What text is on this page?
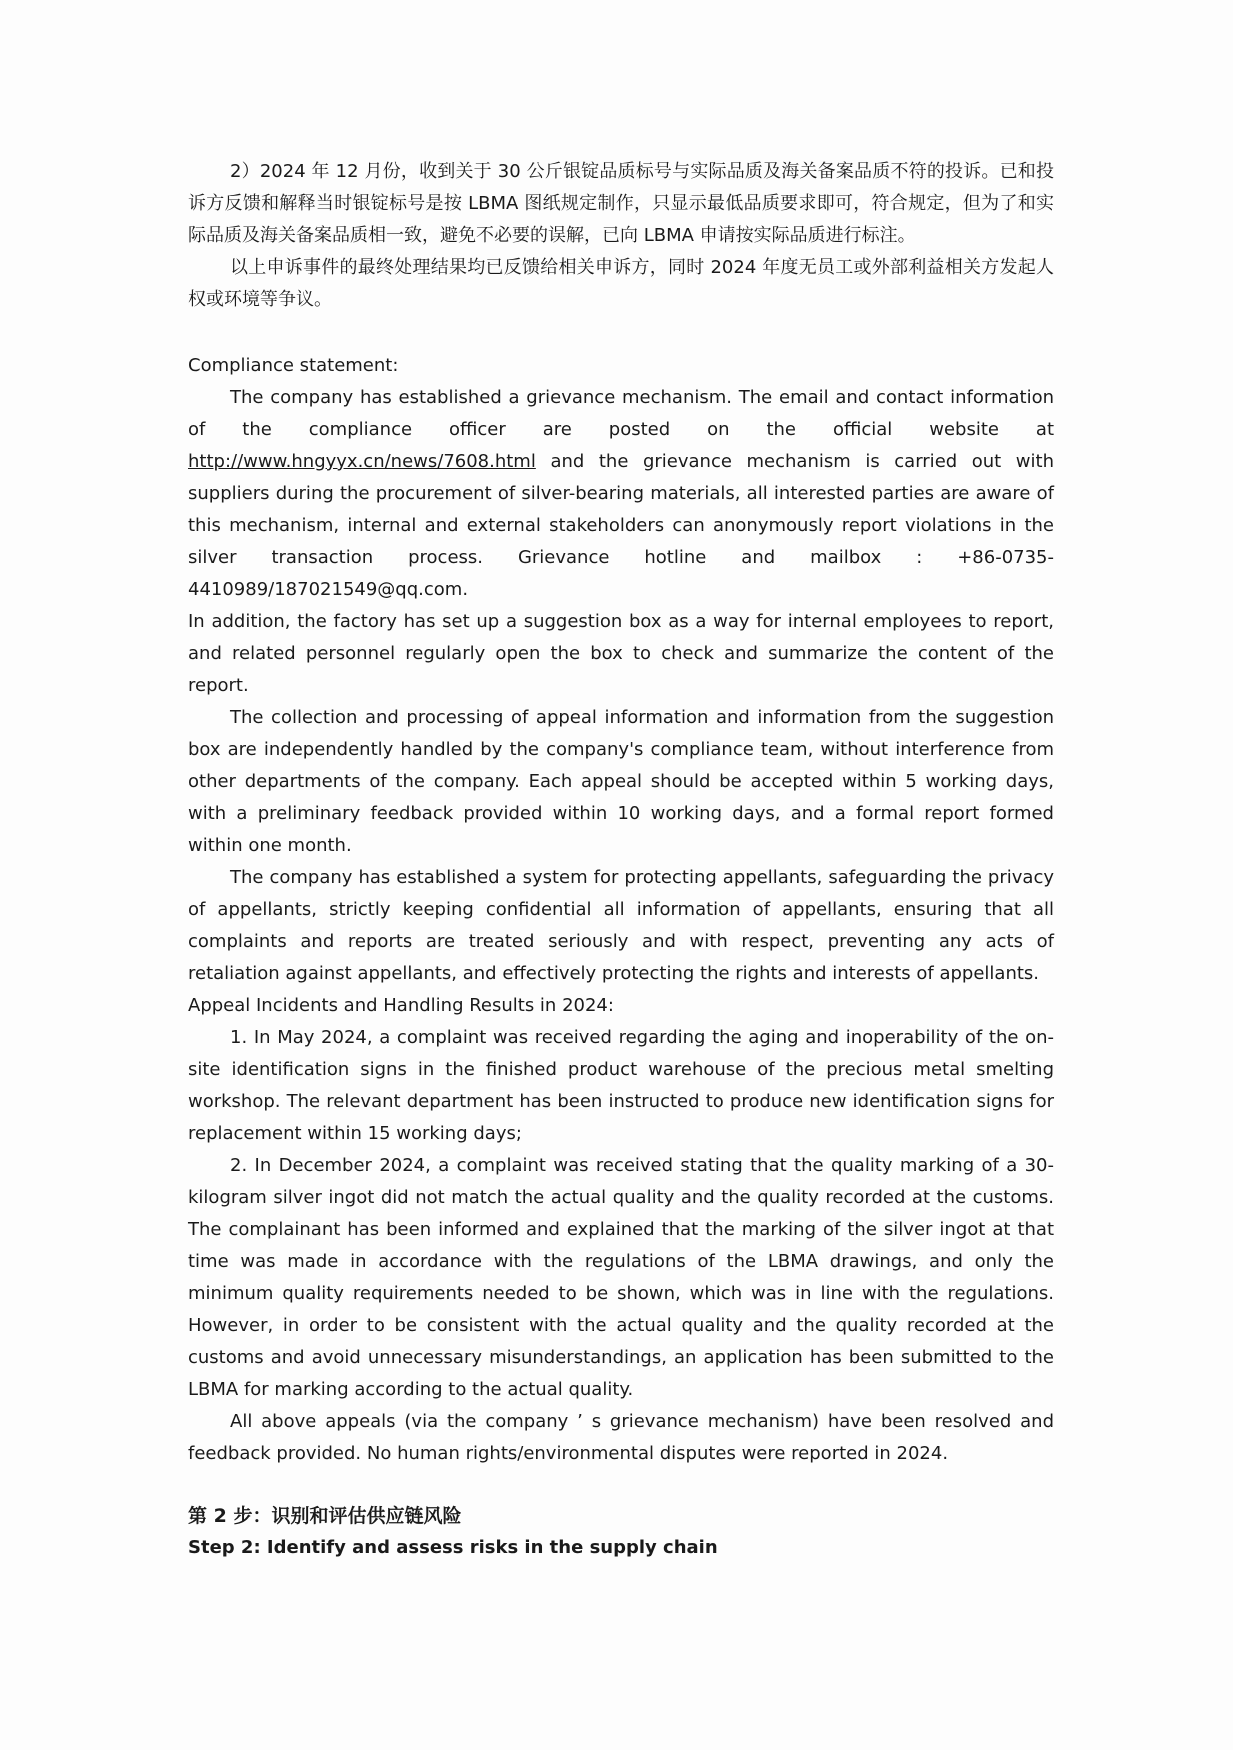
2）2024 年 12 月份，收到关于 30 公斤银锭品质标号与实际品质及海关备案品质不符的投诉。已和投诉方反馈和解释当时银锭标号是按 LBMA 图纸规定制作，只显示最低品质要求即可，符合规定，但为了和实际品质及海关备案品质相一致，避免不必要的误解，已向 LBMA 申请按实际品质进行标注。

以上申诉事件的最终处理结果均已反馈给相关申诉方，同时 2024 年度无员工或外部利益相关方发起人权或环境等争议。

Compliance statement:

The company has established a grievance mechanism. The email and contact information of the compliance officer are posted on the official website at http://www.hngyyx.cn/news/7608.html and the grievance mechanism is carried out with suppliers during the procurement of silver-bearing materials, all interested parties are aware of this mechanism, internal and external stakeholders can anonymously report violations in the silver transaction process. Grievance hotline and mailbox : +86-0735-4410989/187021549@qq.com.

In addition, the factory has set up a suggestion box as a way for internal employees to report, and related personnel regularly open the box to check and summarize the content of the report.

The collection and processing of appeal information and information from the suggestion box are independently handled by the company's compliance team, without interference from other departments of the company. Each appeal should be accepted within 5 working days, with a preliminary feedback provided within 10 working days, and a formal report formed within one month.

The company has established a system for protecting appellants, safeguarding the privacy of appellants, strictly keeping confidential all information of appellants, ensuring that all complaints and reports are treated seriously and with respect, preventing any acts of retaliation against appellants, and effectively protecting the rights and interests of appellants.

Appeal Incidents and Handling Results in 2024:

1. In May 2024, a complaint was received regarding the aging and inoperability of the on-site identification signs in the finished product warehouse of the precious metal smelting workshop. The relevant department has been instructed to produce new identification signs for replacement within 15 working days;

2. In December 2024, a complaint was received stating that the quality marking of a 30-kilogram silver ingot did not match the actual quality and the quality recorded at the customs. The complainant has been informed and explained that the marking of the silver ingot at that time was made in accordance with the regulations of the LBMA drawings, and only the minimum quality requirements needed to be shown, which was in line with the regulations. However, in order to be consistent with the actual quality and the quality recorded at the customs and avoid unnecessary misunderstandings, an application has been submitted to the LBMA for marking according to the actual quality.

All above appeals (via the company ’ s grievance mechanism) have been resolved and feedback provided. No human rights/environmental disputes were reported in 2024.

第 2 步：识别和评估供应链风险

Step 2: Identify and assess risks in the supply chain
